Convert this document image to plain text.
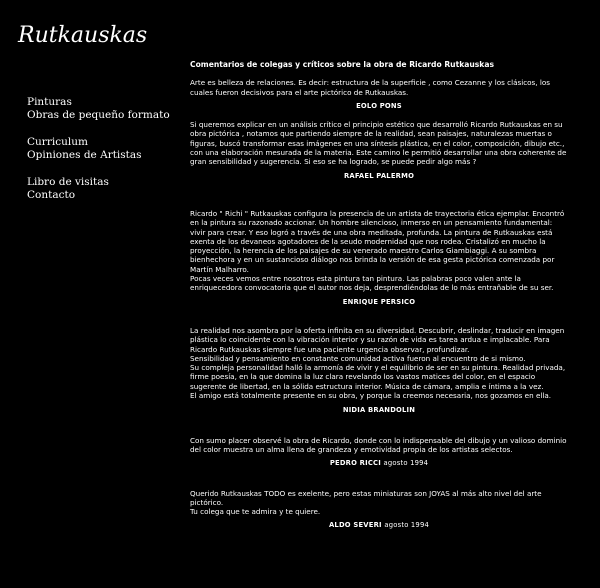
Rutkauskas
Pinturas
Obras de pequeño formato
Curriculum
Opiniones de Artistas
Libro de visitas
Contacto
Comentarios de colegas y críticos sobre la obra de Ricardo Rutkauskas

Arte es belleza de relaciones. Es decir: estructura de la superficie , como Cezanne y los clásicos, los cuales fueron decisivos para el arte pictórico de Rutkauskas.

EOLO PONS

Si queremos explicar en un análisis crítico el principio estético que desarrolló Ricardo Rutkauskas en su obra pictórica , notamos que partiendo siempre de la realidad, sean paisajes, naturalezas muertas o figuras, buscó transformar esas imágenes en una síntesis plástica, en el color, composición, dibujo etc., con una elaboración mesurada de la materia. Este camino le permitió desarrollar una obra coherente de gran sensibilidad y sugerencia. Si eso se ha logrado, se puede pedir algo más ?

RAFAEL PALERMO

Ricardo " Richi " Rutkauskas configura la presencia de un artista de trayectoria ética ejemplar. Encontró en la pintura su razonado accionar. Un hombre silencioso, inmerso en un pensamiento fundamental: vivir para crear. Y eso logró a través de una obra meditada, profunda. La pintura de Rutkauskas está exenta de los devaneos agotadores de la seudo modernidad que nos rodea. Cristalizó en mucho la proyección, la herencia de los paisajes de su venerado maestro Carlos Giambiaggi. A su sombra bienhechora y en un sustancioso diálogo nos brinda la versión de esa gesta pictórica comenzada por Martín Malharro.
Pocas veces vemos entre nosotros esta pintura tan pintura. Las palabras poco valen ante la enriquecedora convocatoria que el autor nos deja, desprendiéndolas de lo más entrañable de su ser.

ENRIQUE PERSICO

La realidad nos asombra por la oferta infinita en su diversidad. Descubrir, deslindar, traducir en imagen plástica lo coincidente con la vibración interior y su razón de vida es tarea ardua e implacable. Para Ricardo Rutkauskas siempre fue una paciente urgencia observar, profundizar.
Sensibilidad y pensamiento en constante comunidad activa fueron al encuentro de si mismo.
Su compleja personalidad halló la armonía de vivir y el equilibrio de ser en su pintura. Realidad privada, firme poesía, en la que domina la luz clara revelando los vastos matices del color, en el espacio sugerente de libertad, en la sólida estructura interior. Música de cámara, amplia e íntima a la vez.
El amigo está totalmente presente en su obra, y porque la creemos necesaria, nos gozamos en ella.

NIDIA BRANDOLIN

Con sumo placer observé la obra de Ricardo, donde con lo indispensable del dibujo y un valioso dominio del color muestra un alma llena de grandeza y emotividad propia de los artistas selectos.

PEDRO RICCI agosto 1994

Querido Rutkauskas TODO es exelente, pero estas miniaturas son JOYAS al más alto nivel del arte pictórico.
Tu colega que te admira y te quiere.

ALDO SEVERI agosto 1994
